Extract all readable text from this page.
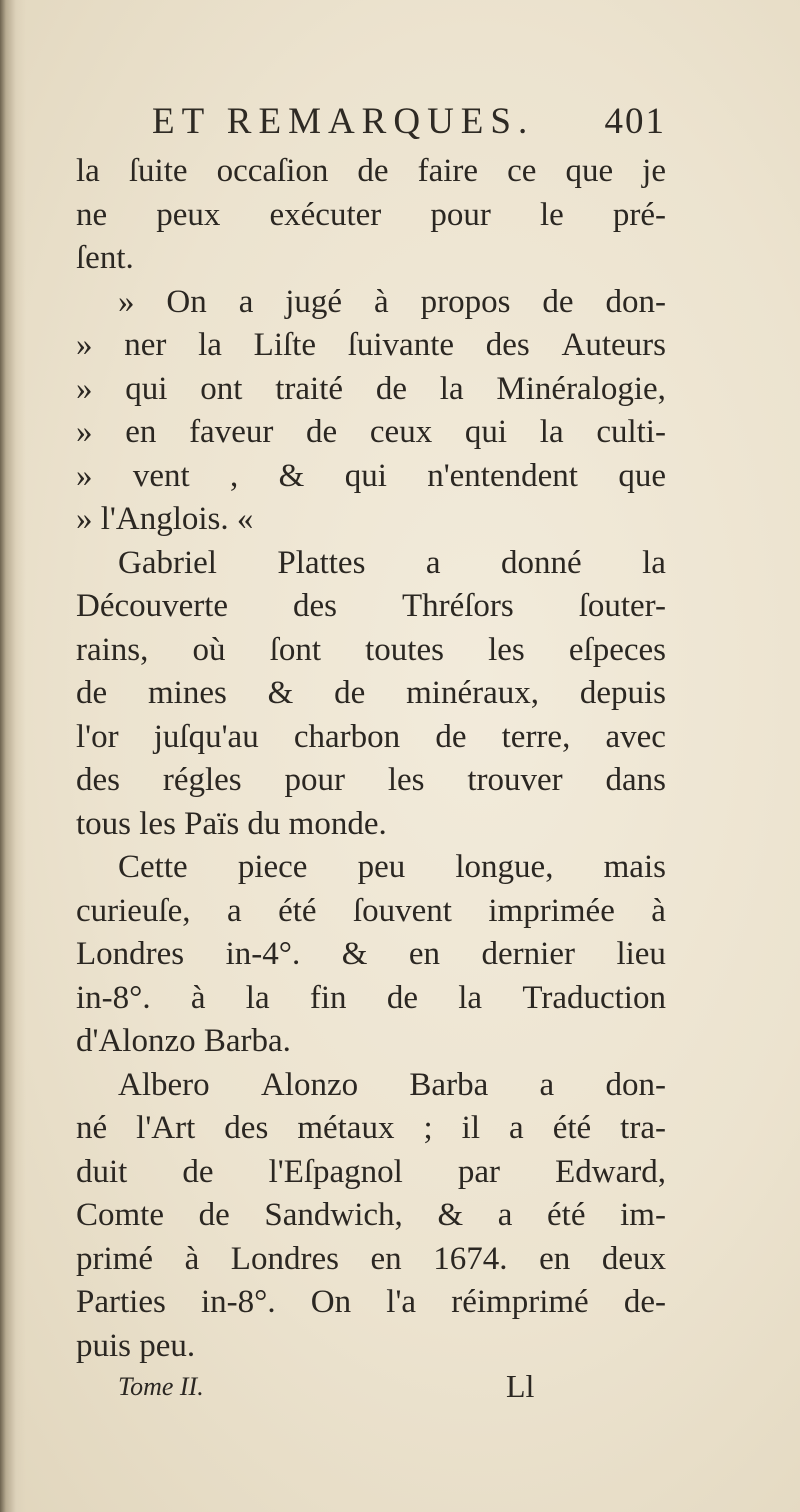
ET REMARQUES. 401
la ſuite occaſion de faire ce que je
ne peux exécuter pour le pré-
ſent.
» On a jugé à propos de don-
» ner la Liſte ſuivante des Auteurs
» qui ont traité de la Minéralogie,
» en faveur de ceux qui la culti-
» vent , & qui n'entendent que
» l'Anglois. «
Gabriel Plattes a donné la
Découverte des Thréſors ſouter-
rains, où ſont toutes les eſpeces
de mines & de minéraux, depuis
l'or juſqu'au charbon de terre, avec
des régles pour les trouver dans
tous les Païs du monde.
Cette piece peu longue, mais
curieuſe, a été ſouvent imprimée à
Londres in-4°. & en dernier lieu
in-8°. à la fin de la Traduction
d'Alonzo Barba.
Albero Alonzo Barba a don-
né l'Art des métaux ; il a été tra-
duit de l'Eſpagnol par Edward,
Comte de Sandwich, & a été im-
primé à Londres en 1674. en deux
Parties in-8°. On l'a réimprimé de-
puis peu.
Tome II.	Ll
